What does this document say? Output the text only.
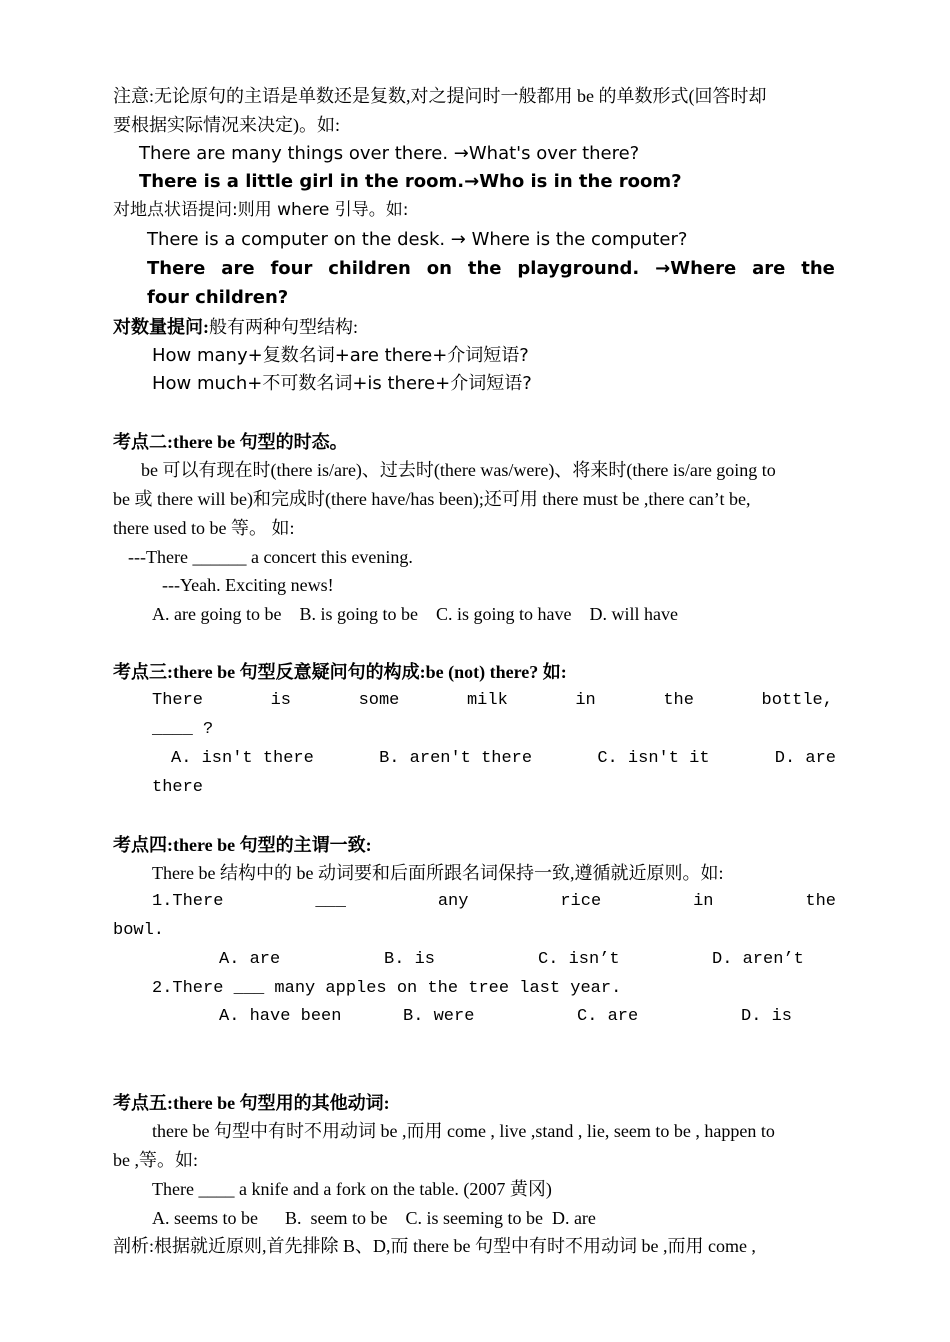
注意:无论原句的主语是单数还是复数,对之提问时一般都用 be 的单数形式(回答时却
要根据实际情况来决定)。如:
There are many things over there. →What's over there?
There is a little girl in the room.→Who is in the room?
对地点状语提问:则用 where 引导。如:
There is a computer on the desk. → Where is the computer?
There are four children on the playground. →Where are the
four children?
对数量提问:般有两种句型结构:
How many+复数名词+are there+介词短语?
How much+不可数名词+is there+介词短语?
考点二:there be 句型的时态。
be 可以有现在时(there is/are)、过去时(there was/were)、将来时(there is/are going to
be 或 there will be)和完成时(there have/has been);还可用 there must be ,there can’t be,
there used to be 等。 如:
---There ______ a concert this evening.
---Yeah. Exciting news!
A. are going to be    B. is going to be    C. is going to have    D. will have
考点三:there be 句型反意疑问句的构成:be (not) there? 如:
There	is	some	milk	in	the	bottle,
____ ?
A. isn't there	B. aren't there	C. isn't it	D. are
there
考点四:there be 句型的主谓一致:
There be 结构中的 be 动词要和后面所跟名词保持一致,遵循就近原则。如:
1.There	___	any	rice	in	the
bowl.
A. are	B. is	C. isn’t	D. aren’t
2.There ___ many apples on the tree last year.
A. have been	B. were	C. are	D. is
考点五:there be 句型用的其他动词:
there be 句型中有时不用动词 be ,而用 come , live ,stand , lie, seem to be , happen to
be ,等。如:
There ____ a knife and a fork on the table. (2007 黄冈)
A. seems to be      B.  seem to be    C. is seeming to be  D. are
剖析:根据就近原则,首先排除 B、D,而 there be 句型中有时不用动词 be ,而用 come ,
